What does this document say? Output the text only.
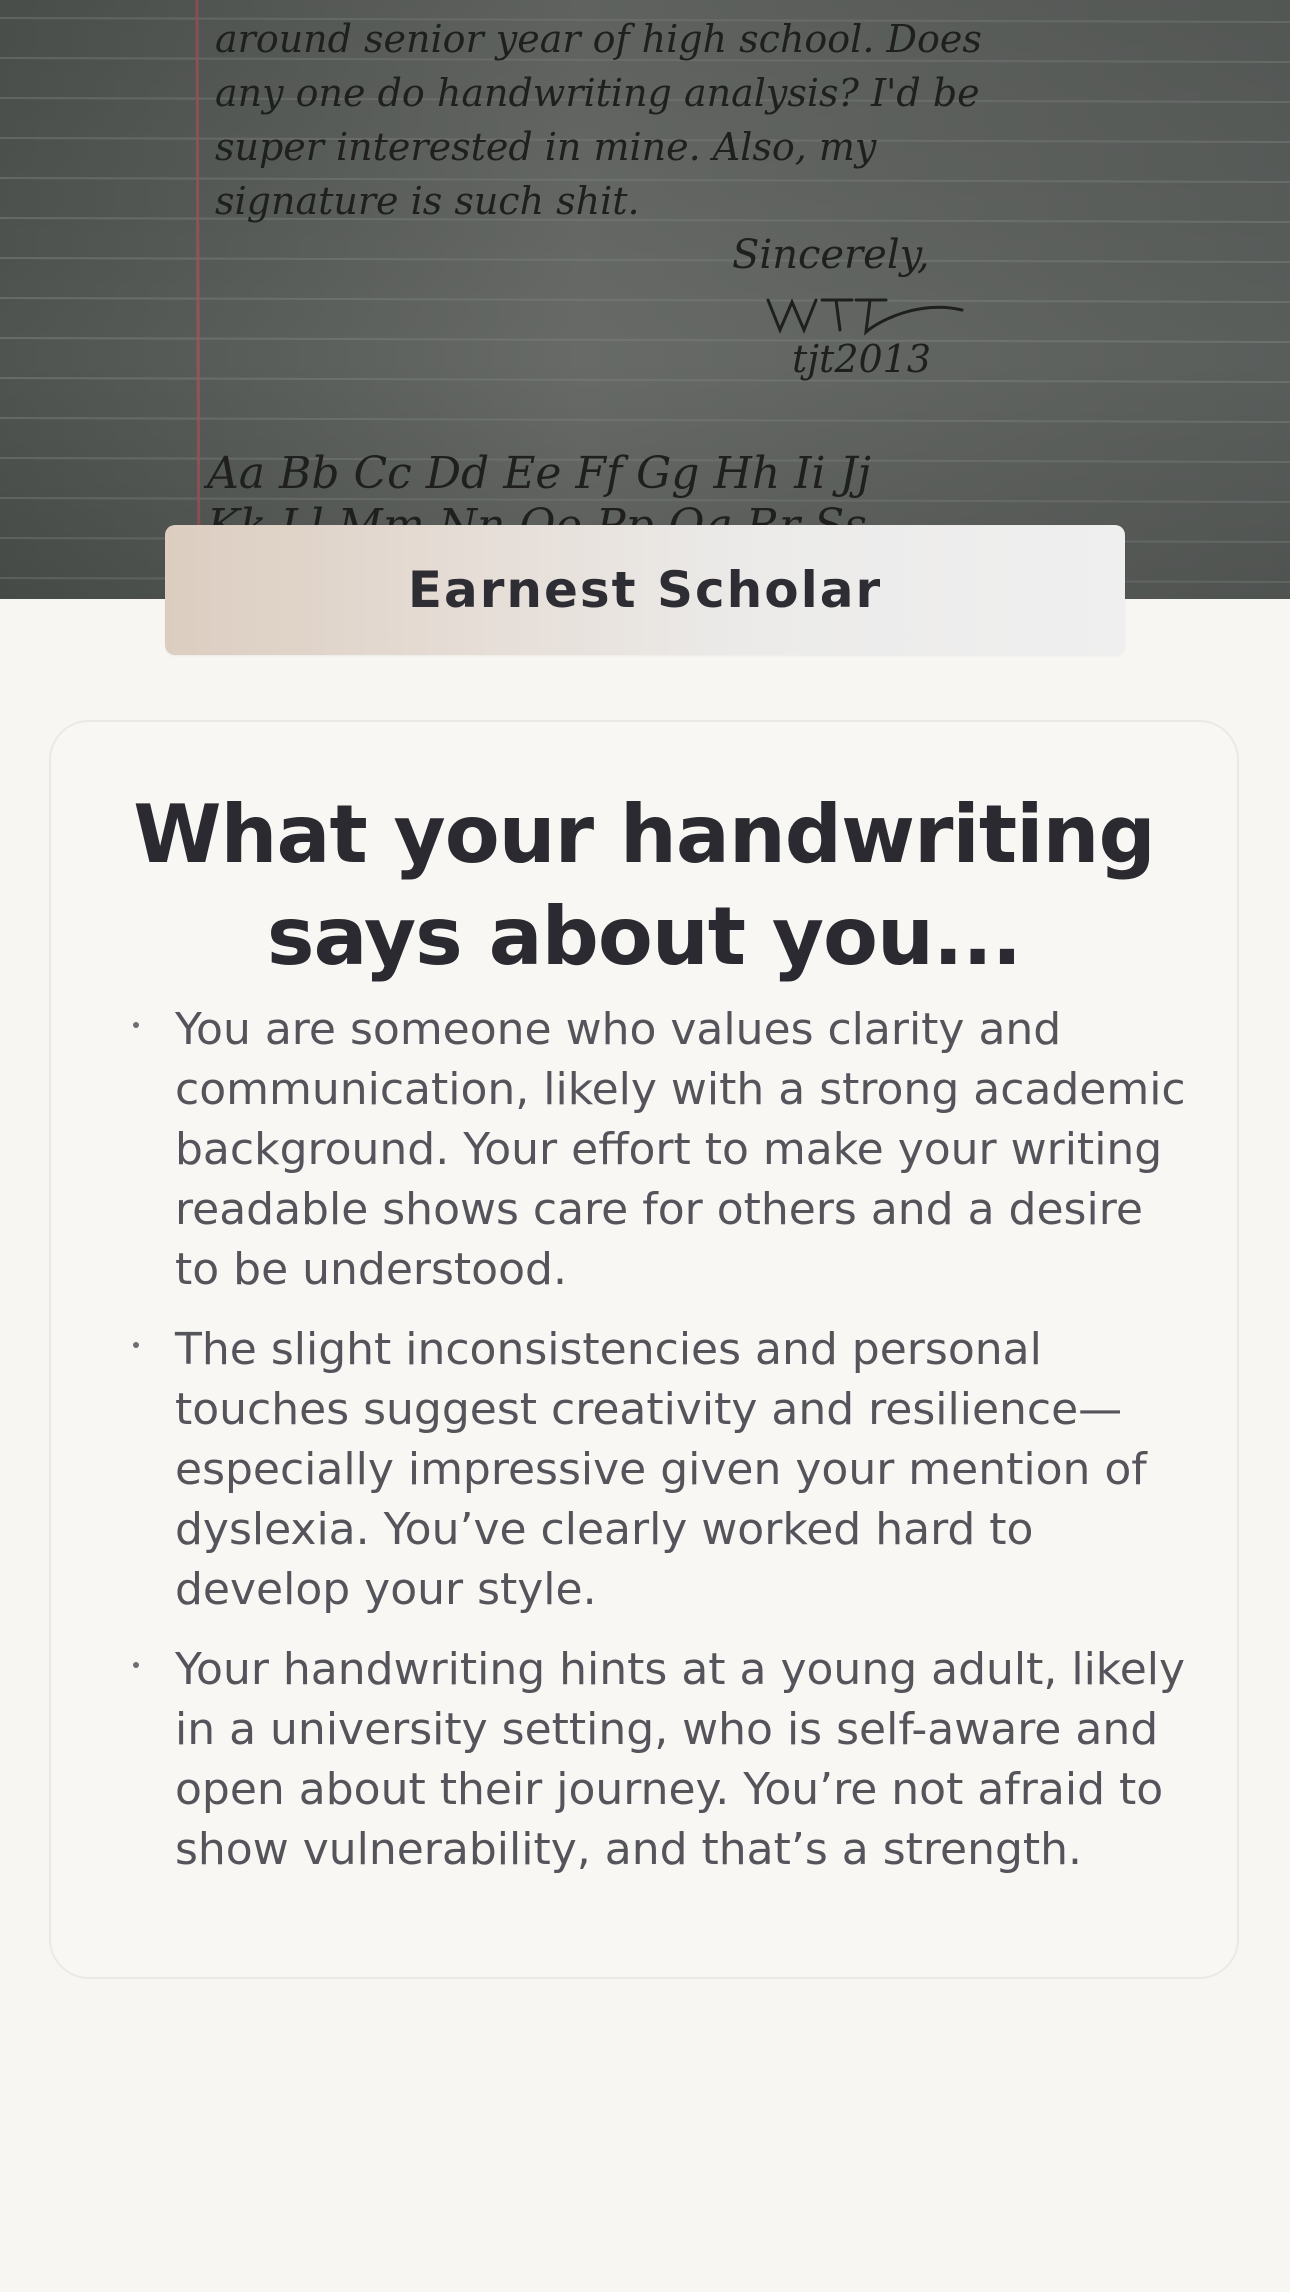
around senior year of high school. Does
any one do handwriting analysis? I'd be
super interested in mine. Also, my
signature is such shit.
Sincerely,
tjt2013
Aa Bb Cc Dd Ee Ff Gg Hh Ii Jj
Earnest Scholar
What your handwriting says about you...
You are someone who values clarity and communication, likely with a strong academic background. Your effort to make your writing readable shows care for others and a desire to be understood.
The slight inconsistencies and personal touches suggest creativity and resilience—especially impressive given your mention of dyslexia. You’ve clearly worked hard to develop your style.
Your handwriting hints at a young adult, likely in a university setting, who is self-aware and open about their journey. You’re not afraid to show vulnerability, and that’s a strength.
